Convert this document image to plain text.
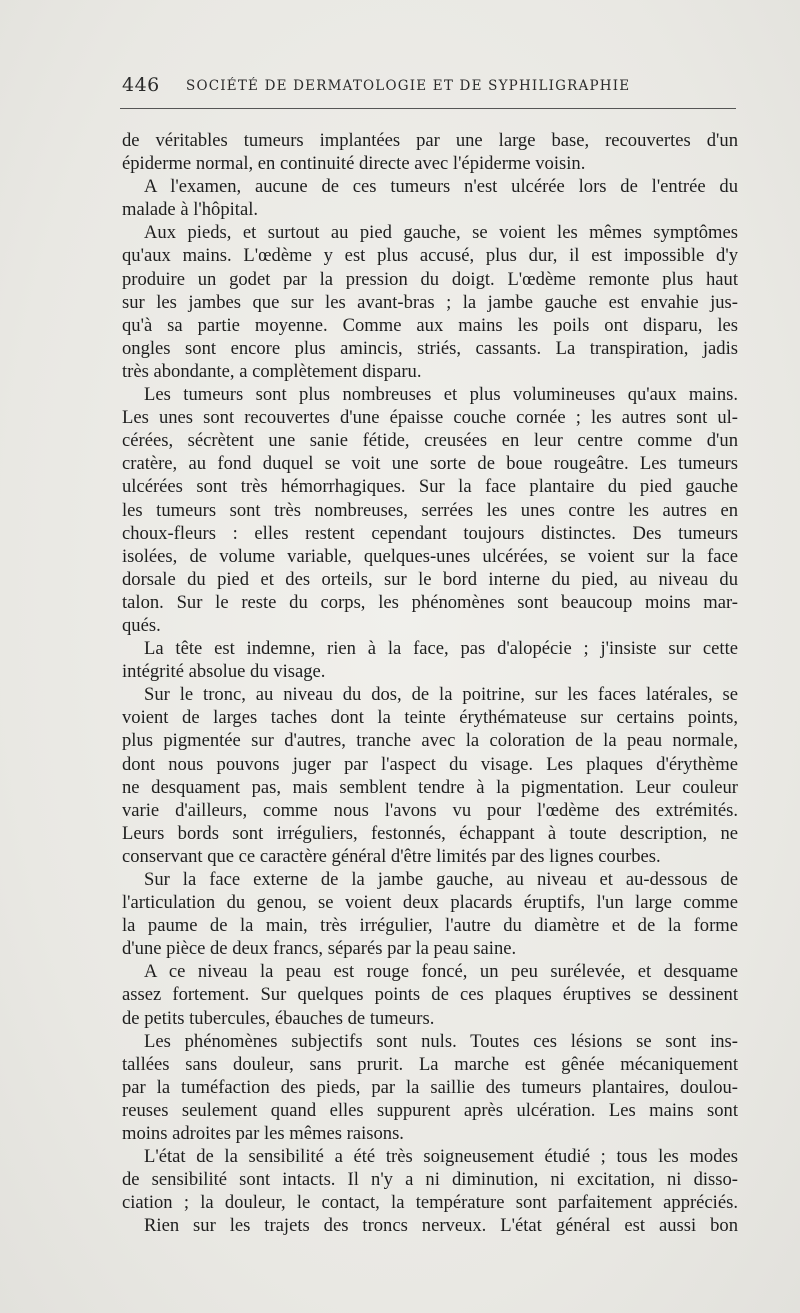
446 SOCIÉTÉ DE DERMATOLOGIE ET DE SYPHILIGRAPHIE
de véritables tumeurs implantées par une large base, recouvertes d'un
épiderme normal, en continuité directe avec l'épiderme voisin.
A l'examen, aucune de ces tumeurs n'est ulcérée lors de l'entrée du
malade à l'hôpital.
Aux pieds, et surtout au pied gauche, se voient les mêmes symptômes
qu'aux mains. L'œdème y est plus accusé, plus dur, il est impossible d'y
produire un godet par la pression du doigt. L'œdème remonte plus haut
sur les jambes que sur les avant-bras ; la jambe gauche est envahie jus-
qu'à sa partie moyenne. Comme aux mains les poils ont disparu, les
ongles sont encore plus amincis, striés, cassants. La transpiration, jadis
très abondante, a complètement disparu.
Les tumeurs sont plus nombreuses et plus volumineuses qu'aux mains.
Les unes sont recouvertes d'une épaisse couche cornée ; les autres sont ul-
cérées, sécrètent une sanie fétide, creusées en leur centre comme d'un
cratère, au fond duquel se voit une sorte de boue rougeâtre. Les tumeurs
ulcérées sont très hémorrhagiques. Sur la face plantaire du pied gauche
les tumeurs sont très nombreuses, serrées les unes contre les autres en
choux-fleurs : elles restent cependant toujours distinctes. Des tumeurs
isolées, de volume variable, quelques-unes ulcérées, se voient sur la face
dorsale du pied et des orteils, sur le bord interne du pied, au niveau du
talon. Sur le reste du corps, les phénomènes sont beaucoup moins mar-
qués.
La tête est indemne, rien à la face, pas d'alopécie ; j'insiste sur cette
intégrité absolue du visage.
Sur le tronc, au niveau du dos, de la poitrine, sur les faces latérales, se
voient de larges taches dont la teinte érythémateuse sur certains points,
plus pigmentée sur d'autres, tranche avec la coloration de la peau normale,
dont nous pouvons juger par l'aspect du visage. Les plaques d'érythème
ne desquament pas, mais semblent tendre à la pigmentation. Leur couleur
varie d'ailleurs, comme nous l'avons vu pour l'œdème des extrémités.
Leurs bords sont irréguliers, festonnés, échappant à toute description, ne
conservant que ce caractère général d'être limités par des lignes courbes.
Sur la face externe de la jambe gauche, au niveau et au-dessous de
l'articulation du genou, se voient deux placards éruptifs, l'un large comme
la paume de la main, très irrégulier, l'autre du diamètre et de la forme
d'une pièce de deux francs, séparés par la peau saine.
A ce niveau la peau est rouge foncé, un peu surélevée, et desquame
assez fortement. Sur quelques points de ces plaques éruptives se dessinent
de petits tubercules, ébauches de tumeurs.
Les phénomènes subjectifs sont nuls. Toutes ces lésions se sont ins-
tallées sans douleur, sans prurit. La marche est gênée mécaniquement
par la tuméfaction des pieds, par la saillie des tumeurs plantaires, doulou-
reuses seulement quand elles suppurent après ulcération. Les mains sont
moins adroites par les mêmes raisons.
L'état de la sensibilité a été très soigneusement étudié ; tous les modes
de sensibilité sont intacts. Il n'y a ni diminution, ni excitation, ni disso-
ciation ; la douleur, le contact, la température sont parfaitement appréciés.
Rien sur les trajets des troncs nerveux. L'état général est aussi bon
